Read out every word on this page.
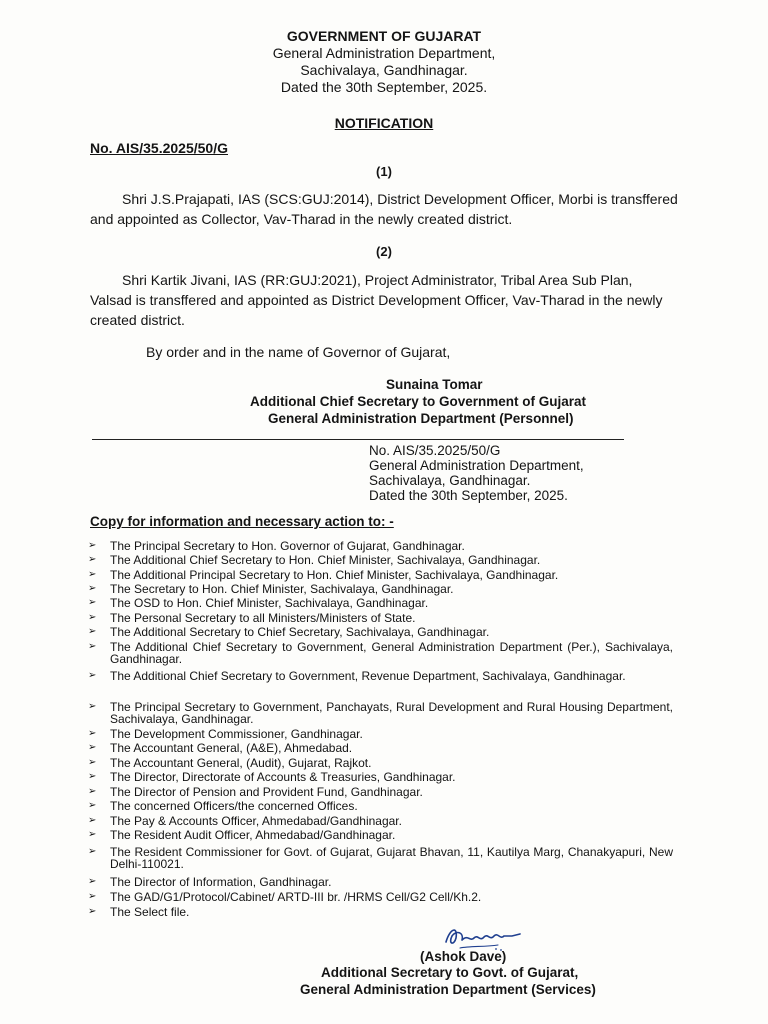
GOVERNMENT OF GUJARAT
General Administration Department,
Sachivalaya, Gandhinagar.
Dated the 30th September, 2025.
NOTIFICATION
No. AIS/35.2025/50/G
(1)
Shri J.S.Prajapati, IAS (SCS:GUJ:2014), District Development Officer, Morbi is transffered and appointed as Collector, Vav-Tharad in the newly created district.
(2)
Shri Kartik Jivani, IAS (RR:GUJ:2021), Project Administrator, Tribal Area Sub Plan, Valsad is transffered and appointed as District Development Officer, Vav-Tharad in the newly created district.
By order and in the name of Governor of Gujarat,
Sunaina Tomar
Additional Chief Secretary to Government of Gujarat
General Administration Department (Personnel)
No. AIS/35.2025/50/G
General Administration Department,
Sachivalaya, Gandhinagar.
Dated the 30th September, 2025.
Copy for information and necessary action to: -
➢ The Principal Secretary to Hon. Governor of Gujarat, Gandhinagar.
➢ The Additional Chief Secretary to Hon. Chief Minister, Sachivalaya, Gandhinagar.
➢ The Additional Principal Secretary to Hon. Chief Minister, Sachivalaya, Gandhinagar.
➢ The Secretary to Hon. Chief Minister, Sachivalaya, Gandhinagar.
➢ The OSD to Hon. Chief Minister, Sachivalaya, Gandhinagar.
➢ The Personal Secretary to all Ministers/Ministers of State.
➢ The Additional Secretary to Chief Secretary, Sachivalaya, Gandhinagar.
➢ The Additional Chief Secretary to Government, General Administration Department (Per.), Sachivalaya, Gandhinagar.
➢ The Additional Chief Secretary to Government, Revenue Department, Sachivalaya, Gandhinagar.
➢ The Principal Secretary to Government, Panchayats, Rural Development and Rural Housing Department, Sachivalaya, Gandhinagar.
➢ The Development Commissioner, Gandhinagar.
➢ The Accountant General, (A&E), Ahmedabad.
➢ The Accountant General, (Audit), Gujarat, Rajkot.
➢ The Director, Directorate of Accounts & Treasuries, Gandhinagar.
➢ The Director of Pension and Provident Fund, Gandhinagar.
➢ The concerned Officers/the concerned Offices.
➢ The Pay & Accounts Officer, Ahmedabad/Gandhinagar.
➢ The Resident Audit Officer, Ahmedabad/Gandhinagar.
➢ The Resident Commissioner for Govt. of Gujarat, Gujarat Bhavan, 11, Kautilya Marg, Chanakyapuri, New Delhi-110021.
➢ The Director of Information, Gandhinagar.
➢ The GAD/G1/Protocol/Cabinet/ ARTD-III br. /HRMS Cell/G2 Cell/Kh.2.
➢ The Select file.
(Ashok Dave)
Additional Secretary to Govt. of Gujarat,
General Administration Department (Services)
